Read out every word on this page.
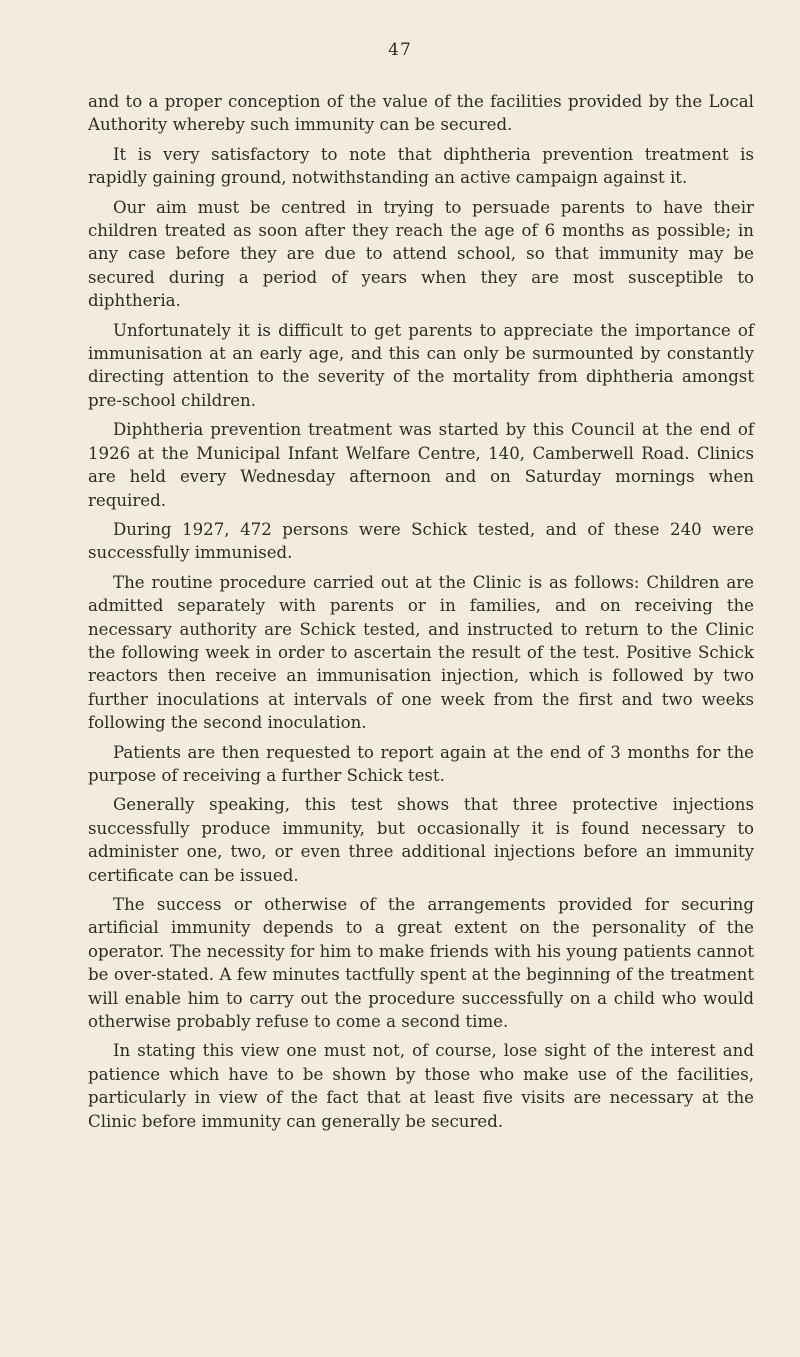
47

and to a proper conception of the value of the facilities provided by the Local Authority whereby such immunity can be secured.

It is very satisfactory to note that diphtheria prevention treatment is rapidly gaining ground, notwithstanding an active campaign against it.

Our aim must be centred in trying to persuade parents to have their children treated as soon after they reach the age of 6 months as possible; in any case before they are due to attend school, so that immunity may be secured during a period of years when they are most susceptible to diphtheria.

Unfortunately it is difficult to get parents to appreciate the importance of immunisation at an early age, and this can only be surmounted by constantly directing attention to the severity of the mortality from diphtheria amongst pre-school children.

Diphtheria prevention treatment was started by this Council at the end of 1926 at the Municipal Infant Welfare Centre, 140, Camberwell Road. Clinics are held every Wednesday afternoon and on Saturday mornings when required.

During 1927, 472 persons were Schick tested, and of these 240 were successfully immunised.

The routine procedure carried out at the Clinic is as follows: Children are admitted separately with parents or in families, and on receiving the necessary authority are Schick tested, and instructed to return to the Clinic the following week in order to ascertain the result of the test. Positive Schick reactors then receive an immunisation injection, which is followed by two further inoculations at intervals of one week from the first and two weeks following the second inoculation.

Patients are then requested to report again at the end of 3 months for the purpose of receiving a further Schick test.

Generally speaking, this test shows that three protective injections successfully produce immunity, but occasionally it is found necessary to administer one, two, or even three additional injections before an immunity certificate can be issued.

The success or otherwise of the arrangements provided for securing artificial immunity depends to a great extent on the personality of the operator. The necessity for him to make friends with his young patients cannot be over-stated. A few minutes tactfully spent at the beginning of the treatment will enable him to carry out the procedure successfully on a child who would otherwise probably refuse to come a second time.

In stating this view one must not, of course, lose sight of the interest and patience which have to be shown by those who make use of the facilities, particularly in view of the fact that at least five visits are necessary at the Clinic before immunity can generally be secured.
